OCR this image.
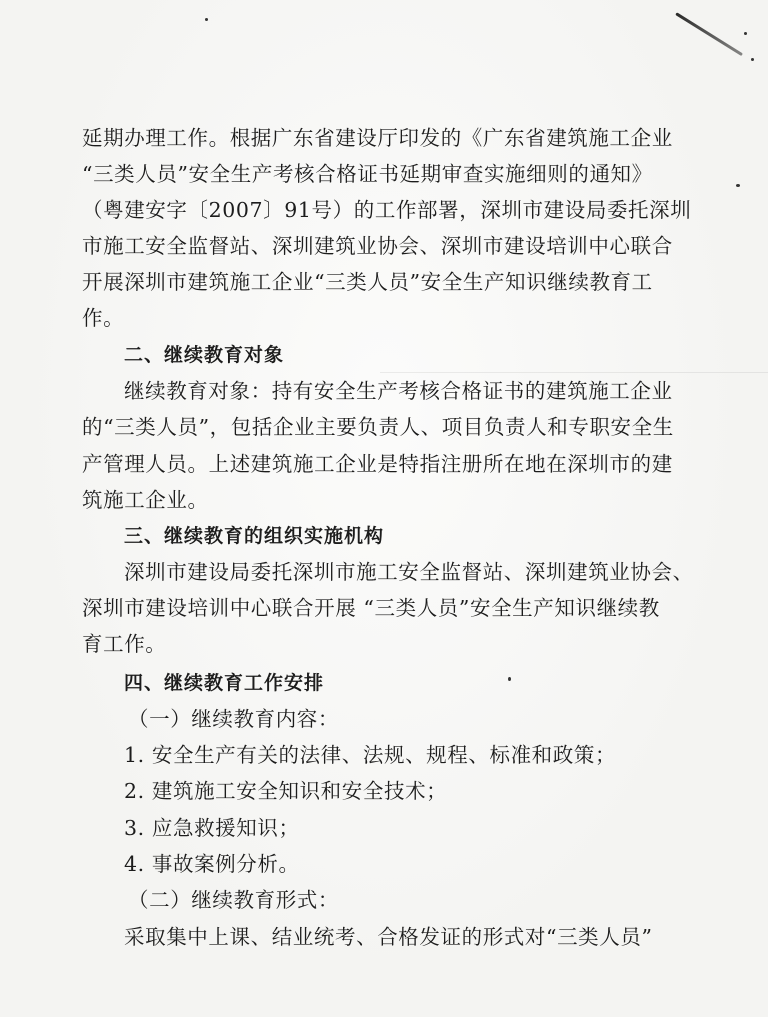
延期办理工作。根据广东省建设厅印发的《广东省建筑施工企业
“三类人员”安全生产考核合格证书延期审查实施细则的通知》
（粤建安字〔2007〕91号）的工作部署，深圳市建设局委托深圳
市施工安全监督站、深圳建筑业协会、深圳市建设培训中心联合
开展深圳市建筑施工企业“三类人员”安全生产知识继续教育工
作。
二、继续教育对象
继续教育对象：持有安全生产考核合格证书的建筑施工企业
的“三类人员”，包括企业主要负责人、项目负责人和专职安全生
产管理人员。上述建筑施工企业是特指注册所在地在深圳市的建
筑施工企业。
三、继续教育的组织实施机构
深圳市建设局委托深圳市施工安全监督站、深圳建筑业协会、
深圳市建设培训中心联合开展 “三类人员”安全生产知识继续教
育工作。
四、继续教育工作安排
（一）继续教育内容：
1. 安全生产有关的法律、法规、规程、标准和政策；
2. 建筑施工安全知识和安全技术；
3. 应急救援知识；
4. 事故案例分析。
（二）继续教育形式：
采取集中上课、结业统考、合格发证的形式对“三类人员”
